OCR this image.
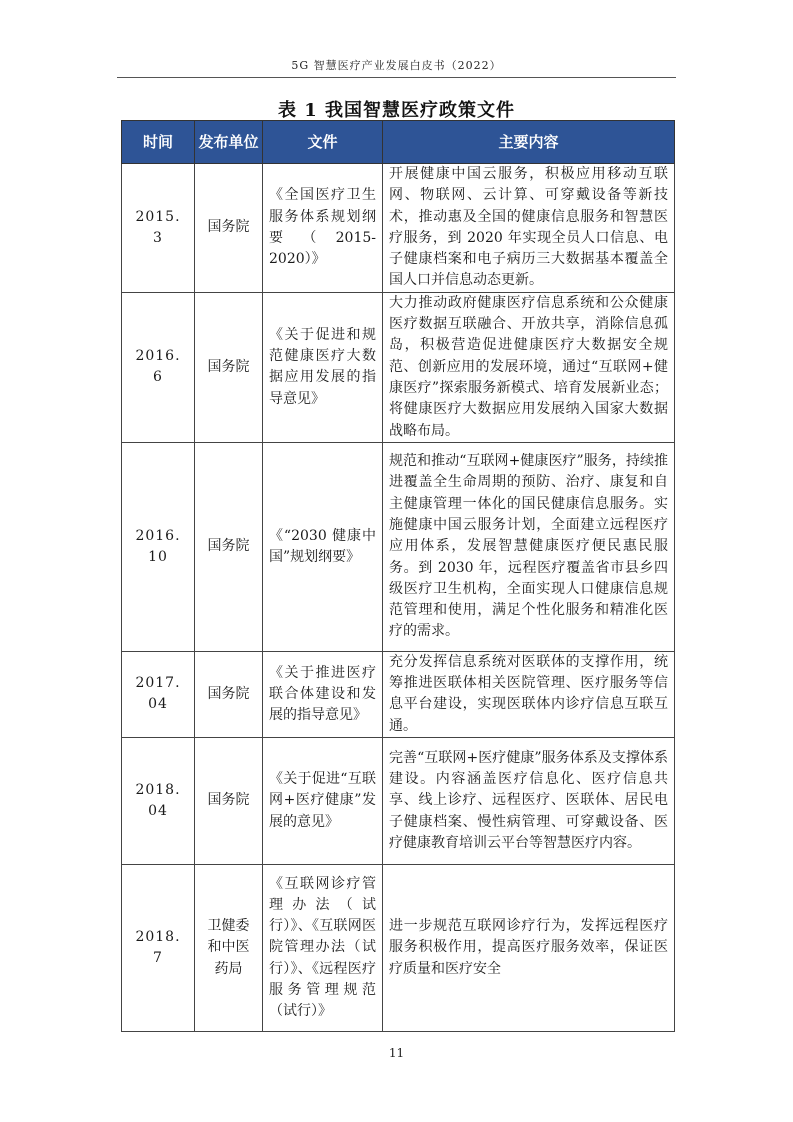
5G 智慧医疗产业发展白皮书（2022）
表 1 我国智慧医疗政策文件
时间	发布单位	文件	主要内容
2015. 3	国务院	《全国医疗卫生服务体系规划纲要（2015-2020）》	开展健康中国云服务，积极应用移动互联网、物联网、云计算、可穿戴设备等新技术，推动惠及全国的健康信息服务和智慧医疗服务，到 2020 年实现全员人口信息、电子健康档案和电子病历三大数据基本覆盖全国人口并信息动态更新。
2016. 6	国务院	《关于促进和规范健康医疗大数据应用发展的指导意见》	大力推动政府健康医疗信息系统和公众健康医疗数据互联融合、开放共享，消除信息孤岛，积极营造促进健康医疗大数据安全规范、创新应用的发展环境，通过“互联网+健康医疗”探索服务新模式、培育发展新业态；将健康医疗大数据应用发展纳入国家大数据战略布局。
2016. 10	国务院	《“2030 健康中国”规划纲要》	规范和推动“互联网+健康医疗”服务，持续推进覆盖全生命周期的预防、治疗、康复和自主健康管理一体化的国民健康信息服务。实施健康中国云服务计划，全面建立远程医疗应用体系，发展智慧健康医疗便民惠民服务。到 2030 年，远程医疗覆盖省市县乡四级医疗卫生机构，全面实现人口健康信息规范管理和使用，满足个性化服务和精准化医疗的需求。
2017. 04	国务院	《关于推进医疗联合体建设和发展的指导意见》	充分发挥信息系统对医联体的支撑作用，统筹推进医联体相关医院管理、医疗服务等信息平台建设，实现医联体内诊疗信息互联互通。
2018. 04	国务院	《关于促进“互联网+医疗健康”发展的意见》	完善“互联网+医疗健康”服务体系及支撑体系建设。内容涵盖医疗信息化、医疗信息共享、线上诊疗、远程医疗、医联体、居民电子健康档案、慢性病管理、可穿戴设备、医疗健康教育培训云平台等智慧医疗内容。
2018. 7	卫健委和中医药局	《互联网诊疗管理办法（试行）》、《互联网医院管理办法（试行）》、《远程医疗服务管理规范（试行）》	进一步规范互联网诊疗行为，发挥远程医疗服务积极作用，提高医疗服务效率，保证医疗质量和医疗安全
11
